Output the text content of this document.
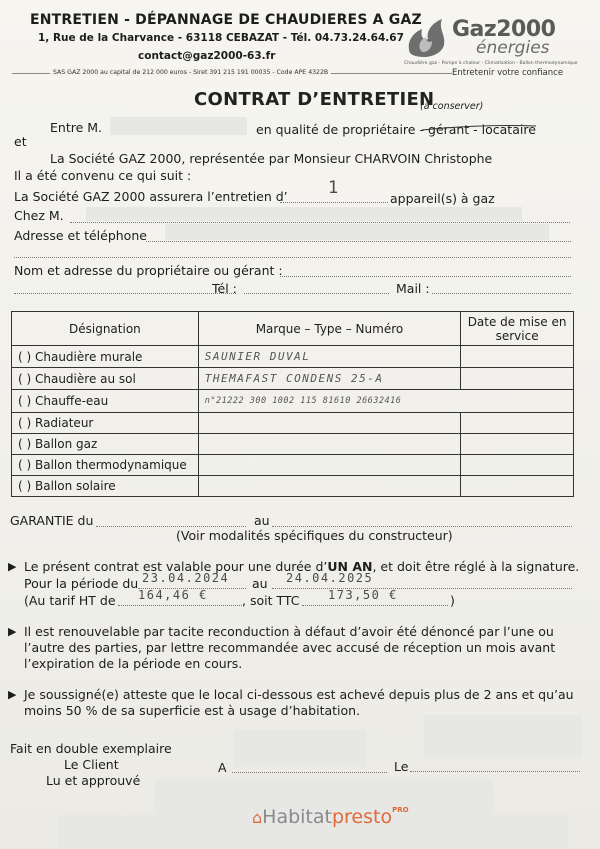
ENTRETIEN - DÉPANNAGE DE CHAUDIERES A GAZ
1, Rue de la Charvance - 63118 CEBAZAT - Tél. 04.73.24.64.67
contact@gaz2000-63.fr
SAS GAZ 2000 au capital de 212 000 euros - Siret 391 215 191 00035 - Code APE 4322B
Gaz2000
énergies
Chaudière gaz - Pompe à chaleur - Climatisation - Ballon thermodynamique
Entretenir votre confiance
CONTRAT D’ENTRETIEN
(à conserver)
Entre M.	en qualité de propriétaire - gérant - locataire
et
La Société GAZ 2000, représentée par Monsieur CHARVOIN Christophe
Il a été convenu ce qui suit :
La Société GAZ 2000 assurera l’entretien d’ 1
appareil(s) à gaz
Chez M.
Adresse et téléphone
Nom et adresse du propriétaire ou gérant :
Tél :	Mail :
Désignation	Marque – Type – Numéro	Date de mise en service
( ) Chaudière murale	SAUNIER DUVAL	
( ) Chaudière au sol	THEMAFAST CONDENS 25-A	
( ) Chauffe-eau	n°21222 300 1002 115 81610 26632416	
( ) Radiateur		
( ) Ballon gaz		
( ) Ballon thermodynamique		
( ) Ballon solaire		
GARANTIE du	au
(Voir modalités spécifiques du constructeur)
▶ Le présent contrat est valable pour une durée d’UN AN, et doit être réglé à la signature.
Pour la période du 23.04.2024 au 24.04.2025
(Au tarif HT de 164,46 €	, soit TTC 173,50 €	)
▶ Il est renouvelable par tacite reconduction à défaut d’avoir été dénoncé par l’une ou
l’autre des parties, par lettre recommandée avec accusé de réception un mois avant
l’expiration de la période en cours.
▶ Je soussigné(e) atteste que le local ci-dessous est achevé depuis plus de 2 ans et qu’au
moins 50 % de sa superficie est à usage d’habitation.
Fait en double exemplaire
Le Client
Lu et approuvé
A	Le
⌂Habitatpresto$^{PRO}$
